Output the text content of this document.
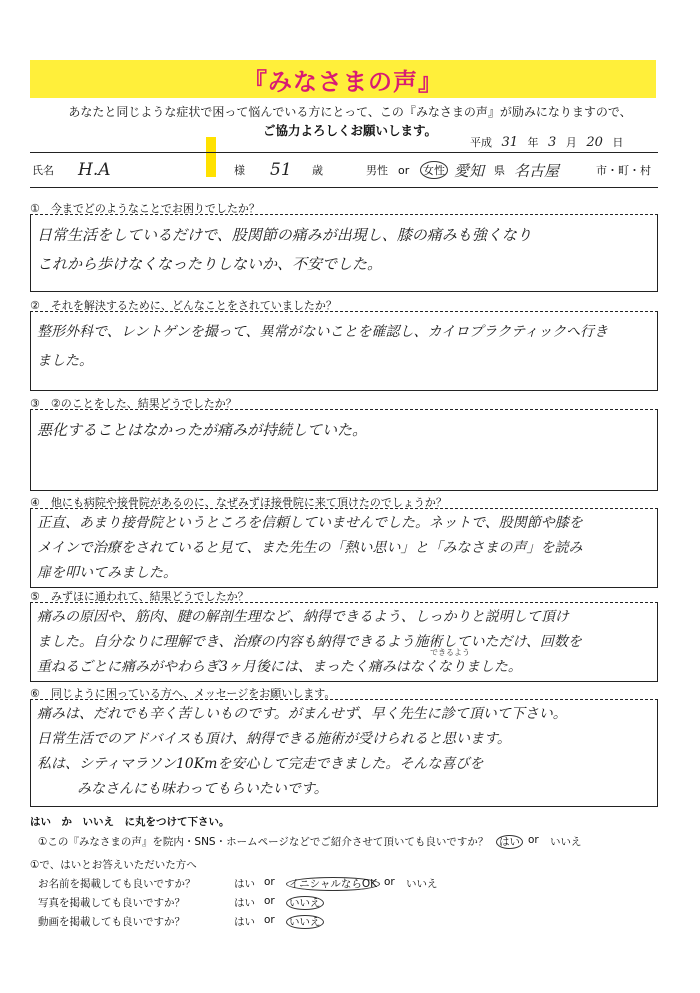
『みなさまの声』
あなたと同じような症状で困って悩んでいる方にとって、この『みなさまの声』が励みになりますので、
ご協力よろしくお願いします。
平成 31 年 3 月 20 日
氏名 H.A	様 51 歳	男性 or 女性 愛知 県 名古屋	市・町・村
①　今までどのようなことでお困りでしたか？
日常生活をしているだけで、股関節の痛みが出現し、膝の痛みも強くなり
これから歩けなくなったりしないか、不安でした。
②　それを解決するために、どんなことをされていましたか？
整形外科で、レントゲンを撮って、異常がないことを確認し、カイロプラクティックへ行き
ました。
③　②のことをした、結果どうでしたか？
悪化することはなかったが痛みが持続していた。
④　他にも病院や接骨院があるのに、なぜみずほ接骨院に来て頂けたのでしょうか？
正直、あまり接骨院というところを信頼していませんでした。ネットで、股関節や膝を
メインで治療をされていると見て、また先生の「熱い思い」と「みなさまの声」を読み
扉を叩いてみました。
⑤　みずほに通われて、結果どうでしたか？
痛みの原因や、筋肉、腱の解剖生理など、納得できるよう、しっかりと説明して頂け
ました。自分なりに理解でき、治療の内容も納得できるよう施術していただけ、回数を
重ねるごとに痛みがやわらぎ3ヶ月後には、まったく痛みはなくなりました。
できるよう
⑥　同じように困っている方へ、メッセージをお願いします。
痛みは、だれでも辛く苦しいものです。がまんせず、早く先生に診て頂いて下さい。
日常生活でのアドバイスも頂け、納得できる施術が受けられると思います。
私は、シティマラソン10Kmを安心して完走できました。そんな喜びを
みなさんにも味わってもらいたいです。
はい　か　いいえ　に丸をつけて下さい。
①この『みなさまの声』を院内・SNS・ホームページなどでご紹介させて頂いても良いですか？ はい or いいえ
①で、はいとお答えいただいた方へ
お名前を掲載しても良いですか？	はい or イニシャルならOK or いいえ
写真を掲載しても良いですか？	はい or いいえ
動画を掲載しても良いですか？	はい or いいえ
